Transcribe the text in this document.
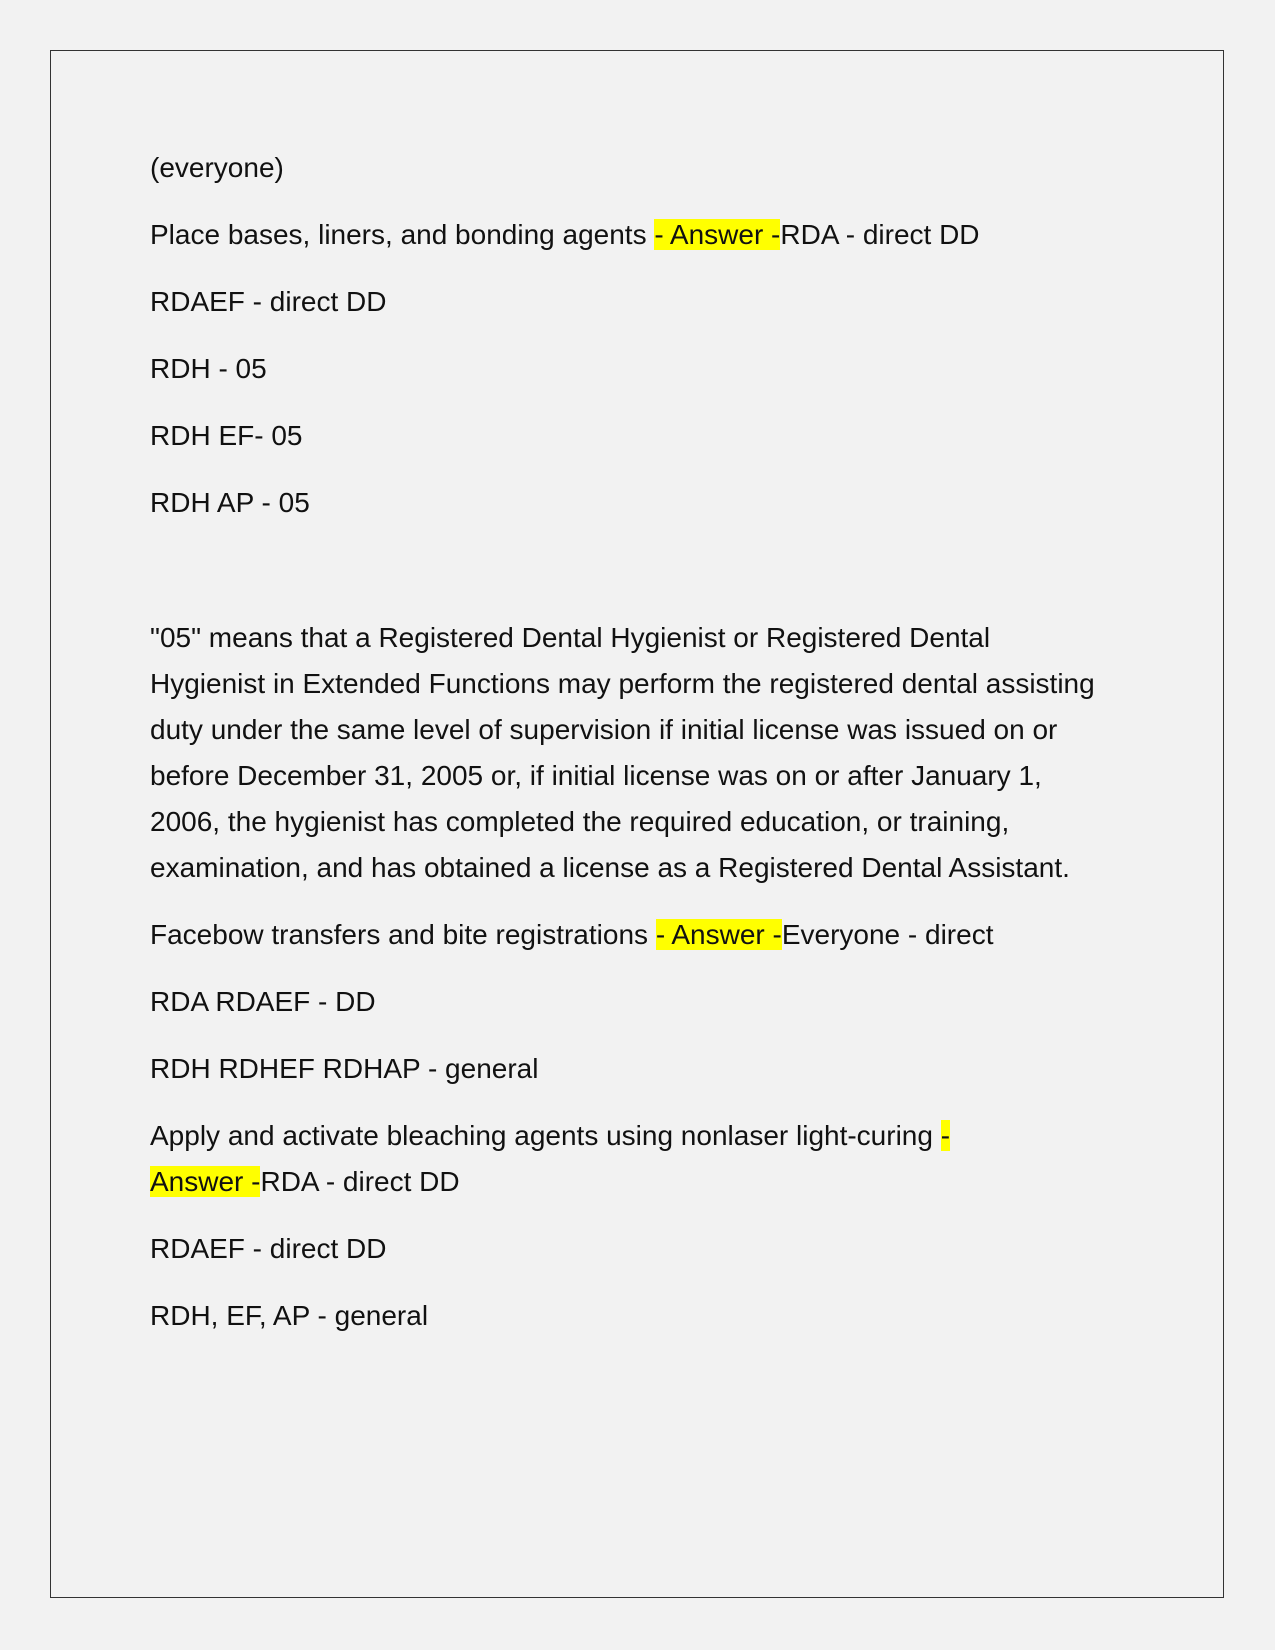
(everyone)

Place bases, liners, and bonding agents - Answer -RDA - direct DD

RDAEF - direct DD

RDH - 05

RDH EF- 05

RDH AP - 05

"05" means that a Registered Dental Hygienist or Registered Dental Hygienist in Extended Functions may perform the registered dental assisting duty under the same level of supervision if initial license was issued on or before December 31, 2005 or, if initial license was on or after January 1, 2006, the hygienist has completed the required education, or training, examination, and has obtained a license as a Registered Dental Assistant.

Facebow transfers and bite registrations - Answer -Everyone - direct

RDA RDAEF - DD

RDH RDHEF RDHAP - general

Apply and activate bleaching agents using nonlaser light-curing -
Answer -RDA - direct DD

RDAEF - direct DD

RDH, EF, AP - general
